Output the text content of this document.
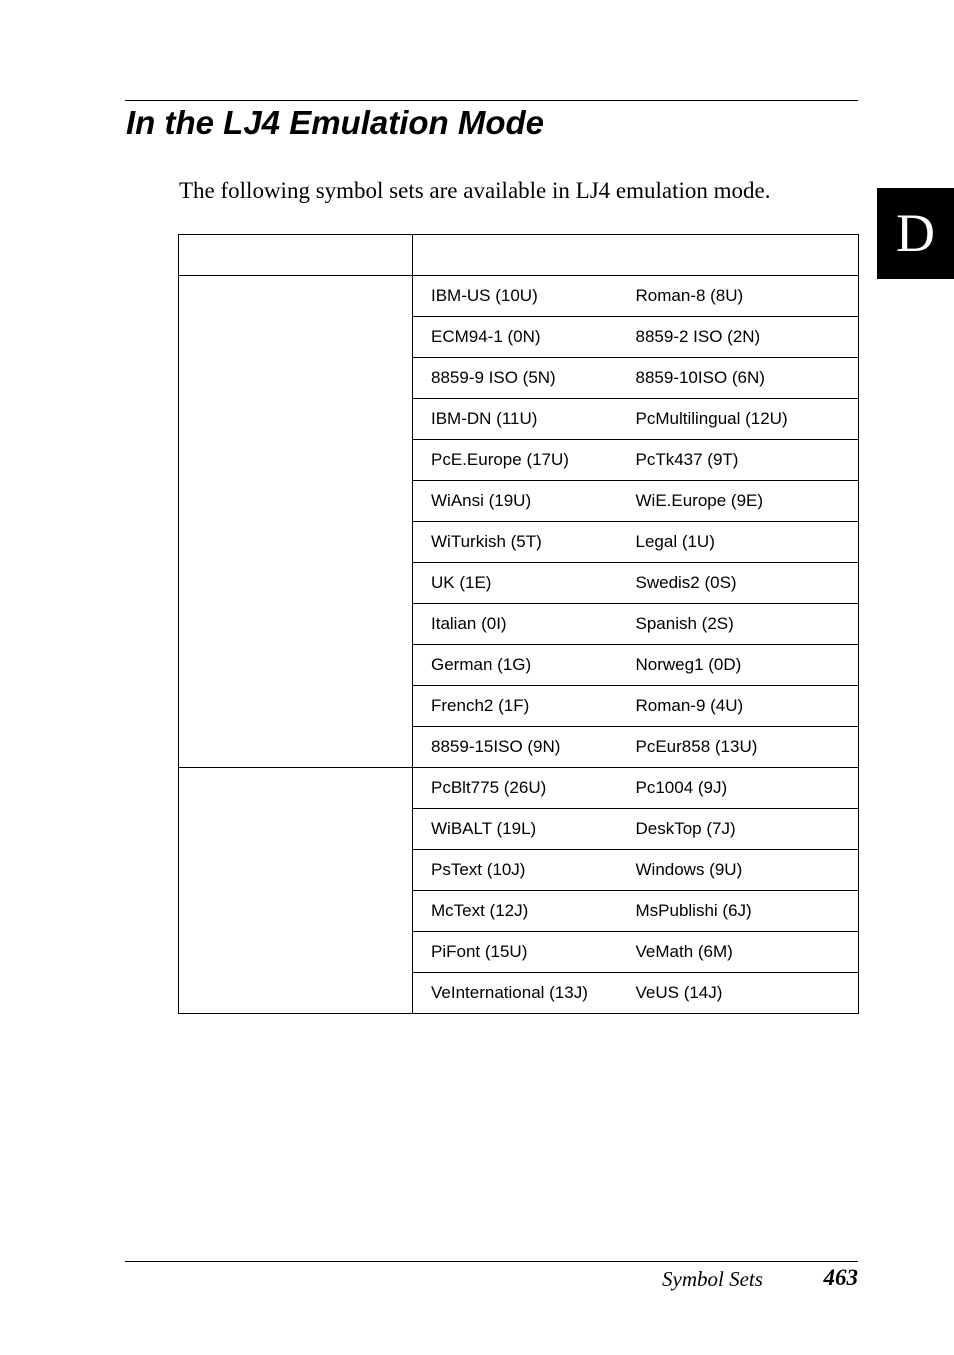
In the LJ4 Emulation Mode

The following symbol sets are available in LJ4 emulation mode.

D

	IBM-US (10U)	Roman-8 (8U)
	ECM94-1 (0N)	8859-2 ISO (2N)
	8859-9 ISO (5N)	8859-10ISO (6N)
	IBM-DN (11U)	PcMultilingual (12U)
	PcE.Europe (17U)	PcTk437 (9T)
	WiAnsi (19U)	WiE.Europe (9E)
	WiTurkish (5T)	Legal (1U)
	UK (1E)	Swedis2 (0S)
	Italian (0I)	Spanish (2S)
	German (1G)	Norweg1 (0D)
	French2 (1F)	Roman-9 (4U)
	8859-15ISO (9N)	PcEur858 (13U)
	PcBlt775 (26U)	Pc1004 (9J)
	WiBALT (19L)	DeskTop (7J)
	PsText (10J)	Windows (9U)
	McText (12J)	MsPublishi (6J)
	PiFont (15U)	VeMath (6M)
	VeInternational (13J)	VeUS (14J)
Symbol Sets	463
